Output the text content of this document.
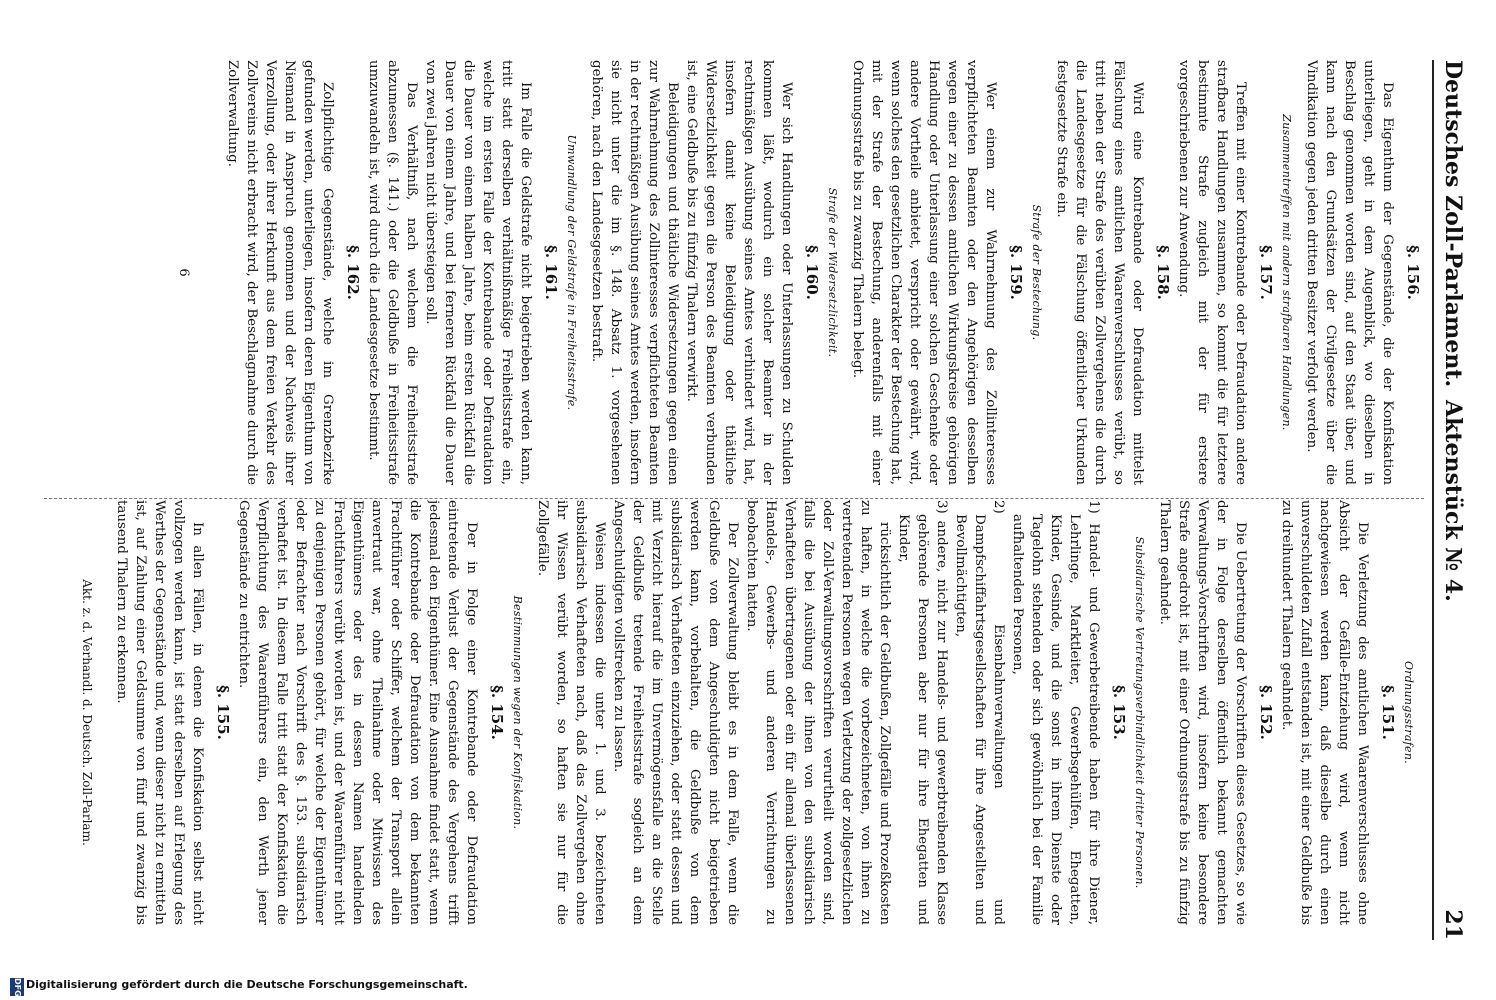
Deutsches Zoll-Parlament.
Aktenstück № 4.
21
Ordnungsstrafen.
§. 151.

Die Verletzung des amtlichen Waarenverschlusses ohne Absicht der Gefälle-Entziehung wird, wenn nicht nachgewiesen werden kann, daß dieselbe durch einen unverschuldeten Zufall entstanden ist, mit einer Geldbuße bis zu dreihundert Thalern geahndet.

§. 152.

Die Uebertretung der Vorschriften dieses Gesetzes, so wie der in Folge derselben öffentlich bekannt gemachten Verwaltungs-Vorschriften wird, insofern keine besondere Strafe angedroht ist, mit einer Ordnungsstrafe bis zu fünfzig Thalern geahndet.

Subsidiarische Vertretungsverbindlichkeit dritter Personen.
§. 153.

1) Handel- und Gewerbetreibende haben für ihre Diener, Lehrlinge, Marktleiter, Gewerbsgehülfen, Ehegatten, Kinder, Gesinde, und die sonst in ihrem Dienste oder Tagelohn stehenden oder sich gewöhnlich bei der Familie aufhaltenden Personen,

2) Eisenbahnverwaltungen und Dampfschiffahrtsgesellschaften für ihre Angestellten und Bevollmächtigten,

3) andere, nicht zur Handels- und gewerbtreibenden Klasse gehörende Personen aber nur für ihre Ehegatten und Kinder,

rücksichtlich der Geldbußen, Zollgefälle und Prozeßkosten zu haften, in welche die vorbezeichneten, von ihnen zu vertretenden Personen wegen Verletzung der zollgesetzlichen oder Zoll-Verwaltungsvorschriften verurtheilt worden sind, falls die bei Ausübung der ihnen von den subsidiarisch Verhafteten übertragenen oder ein für allemal überlassenen Handels-, Gewerbs- und anderen Verrichtungen zu beobachten hatten.

Der Zollverwaltung bleibt es in dem Falle, wenn die Geldbuße von dem Angeschuldigten nicht beigetrieben werden kann, vorbehalten, die Geldbuße von dem subsidiarisch Verhafteten einzuziehen, oder statt dessen und mit Verzicht hierauf die im Unvermögensfalle an die Stelle der Geldbuße tretende Freiheitsstrafe sogleich an dem Angeschuldigten vollstrecken zu lassen.

Weisen indessen die unter 1. und 3. bezeichneten subsidiarisch Verhafteten nach, daß das Zollvergehen ohne ihr Wissen verübt worden, so haften sie nur für die Zollgefälle.

Bestimmungen wegen der Konfiskation.
§. 154.

Der in Folge einer Kontrebande oder Defraudation eintretende Verlust der Gegenstände des Vergehens trifft jedesmal den Eigenthümer. Eine Ausnahme findet statt, wenn die Kontrebande oder Defraudation von dem bekannten Frachtführer oder Schiffer, welchem der Transport allein anvertraut war, ohne Theilnahme oder Mitwissen des Eigenthümers oder des in dessen Namen handelnden Frachtfahrers verübt worden ist, und der Waarenführer nicht zu denjenigen Personen gehört, für welche der Eigenthümer oder Befrachter nach Vorschrift des §. 153. subsidiarisch verhaftet ist. In diesem Falle tritt statt der Konfiskation die Verpflichtung des Waarenführers ein, den Werth jener Gegenstände zu entrichten.

§. 155.

In allen Fällen, in denen die Konfiskation selbst nicht vollzogen werden kann, ist statt derselben auf Erlegung des Werthes der Gegenstände und, wenn dieser nicht zu ermitteln ist, auf Zahlung einer Geldsumme von fünf und zwanzig bis tausend Thalern zu erkennen.

Akt. z. d. Verhandl. d. Deutsch. Zoll-Parlam.
§. 156.

Das Eigenthum der Gegenstände, die der Konfiskation unterliegen, geht in dem Augenblick, wo dieselben in Beschlag genommen worden sind, auf den Staat über, und kann nach den Grundsätzen der Civilgesetze über die Vindikation gegen jeden dritten Besitzer verfolgt werden.

Zusammentreffen mit andern strafbaren Handlungen.
§. 157.

Treffen mit einer Kontrebande oder Defraudation andere strafbare Handlungen zusammen, so kommt die für letztere bestimmte Strafe zugleich mit der für erstere vorgeschriebenen zur Anwendung.

§. 158.

Wird eine Kontrebande oder Defraudation mittelst Fälschung eines amtlichen Waarenverschlusses verübt, so tritt neben der Strafe des verübten Zollvergehens die durch die Landesgesetze für die Fälschung öffentlicher Urkunden festgesetzte Strafe ein.

Strafe der Bestechung.
§. 159.

Wer einem zur Wahrnehmung des Zollinteresses verpflichteten Beamten oder den Angehörigen desselben wegen einer zu dessen amtlichen Wirkungskreise gehörigen Handlung oder Unterlassung einer solchen Geschenke oder andere Vortheile anbietet, verspricht oder gewährt, wird, wenn solches den gesetzlichen Charakter der Bestechung hat, mit der Strafe der Bestechung, anderenfalls mit einer Ordnungsstrafe bis zu zwanzig Thalern belegt.

Strafe der Widersetzlichkeit.
§. 160.

Wer sich Handlungen oder Unterlassungen zu Schulden kommen läßt, wodurch ein solcher Beamter in der rechtmäßigen Ausübung seines Amtes verhindert wird, hat, insofern damit keine Beleidigung oder thätliche Widersetzlichkeit gegen die Person des Beamten verbunden ist, eine Geldbuße bis zu fünfzig Thalern verwirkt.

Beleidigungen und thätliche Widersetzungen gegen einen zur Wahrnehmung des Zollinteresses verpflichteten Beamten in der rechtmäßigen Ausübung seines Amtes werden, insofern sie nicht unter die im §. 148. Absatz 1. vorgesehenen gehören, nach den Landesgesetzen bestraft.

Umwandlung der Geldstrafe in Freiheitsstrafe.
§. 161.

Im Falle die Geldstrafe nicht beigetrieben werden kann, tritt statt derselben verhältnißmäßige Freiheitsstrafe ein, welche im ersten Falle der Kontrebande oder Defraudation die Dauer von einem halben Jahre, beim ersten Rückfall die Dauer von einem Jahre, und bei ferneren Rückfall die Dauer von zwei Jahren nicht übersteigen soll.

Das Verhältniß, nach welchem die Freiheitsstrafe abzumessen (§. 141.) oder die Geldbuße in Freiheitsstrafe umzuwandeln ist, wird durch die Landesgesetze bestimmt.

§. 162.

Zollpflichtige Gegenstände, welche im Grenzbezirke gefunden werden, unterliegen, insofern deren Eigenthum von Niemand in Anspruch genommen und der Nachweis ihrer Verzollung, oder ihrer Herkunft aus dem freien Verkehr des Zollvereins nicht erbracht wird, der Beschlagnahme durch die Zollverwaltung.

6
Digitalisierung gefördert durch die Deutsche Forschungsgemeinschaft.
DFG
